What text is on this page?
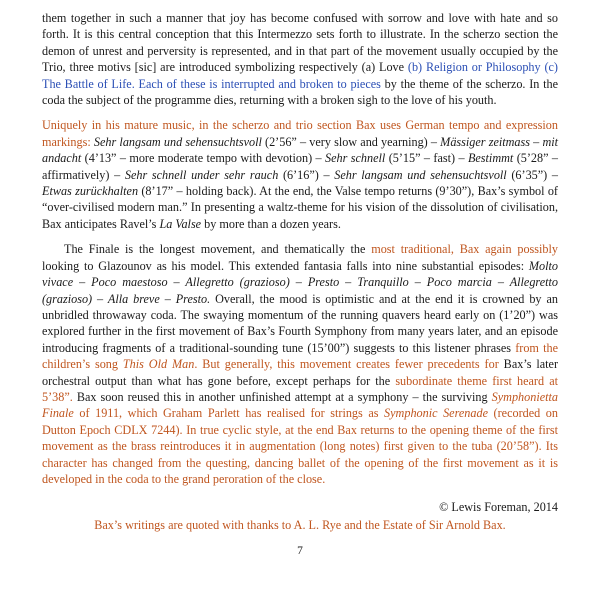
them together in such a manner that joy has become confused with sorrow and love with hate and so forth. It is this central conception that this Intermezzo sets forth to illustrate. In the scherzo section the demon of unrest and perversity is represented, and in that part of the movement usually occupied by the Trio, three motivs [sic] are introduced symbolizing respectively (a) Love (b) Religion or Philosophy (c) The Battle of Life. Each of these is interrupted and broken to pieces by the theme of the scherzo. In the coda the subject of the programme dies, returning with a broken sigh to the love of his youth.

Uniquely in his mature music, in the scherzo and trio section Bax uses German tempo and expression markings: Sehr langsam und sehensuchtsvoll (2’56” – very slow and yearning) – Mässiger zeitmass – mit andacht (4’13” – more moderate tempo with devotion) – Sehr schnell (5’15” – fast) – Bestimmt (5’28” – affirmatively) – Sehr schnell under sehr rauch (6’16”) – Sehr langsam und sehensuchtsvoll (6’35”) – Etwas zurückhalten (8’17” – holding back). At the end, the Valse tempo returns (9’30”), Bax’s symbol of “over-civilised modern man.” In presenting a waltz-theme for his vision of the dissolution of civilisation, Bax anticipates Ravel’s La Valse by more than a dozen years.

The Finale is the longest movement, and thematically the most traditional, Bax again possibly looking to Glazounov as his model. This extended fantasia falls into nine substantial episodes: Molto vivace – Poco maestoso – Allegretto (grazioso) – Presto – Tranquillo – Poco marcia – Allegretto (grazioso) – Alla breve – Presto. Overall, the mood is optimistic and at the end it is crowned by an unbridled throwaway coda. The swaying momentum of the running quavers heard early on (1’20”) was explored further in the first movement of Bax’s Fourth Symphony from many years later, and an episode introducing fragments of a traditional-sounding tune (15’00”) suggests to this listener phrases from the children’s song This Old Man. But generally, this movement creates fewer precedents for Bax’s later orchestral output than what has gone before, except perhaps for the subordinate theme first heard at 5’38”. Bax soon reused this in another unfinished attempt at a symphony – the surviving Symphonietta Finale of 1911, which Graham Parlett has realised for strings as Symphonic Serenade (recorded on Dutton Epoch CDLX 7244). In true cyclic style, at the end Bax returns to the opening theme of the first movement as the brass reintroduces it in augmentation (long notes) first given to the tuba (20’58”). Its character has changed from the questing, dancing ballet of the opening of the first movement as it is developed in the coda to the grand peroration of the close.

© Lewis Foreman, 2014
Bax’s writings are quoted with thanks to A. L. Rye and the Estate of Sir Arnold Bax.
7
